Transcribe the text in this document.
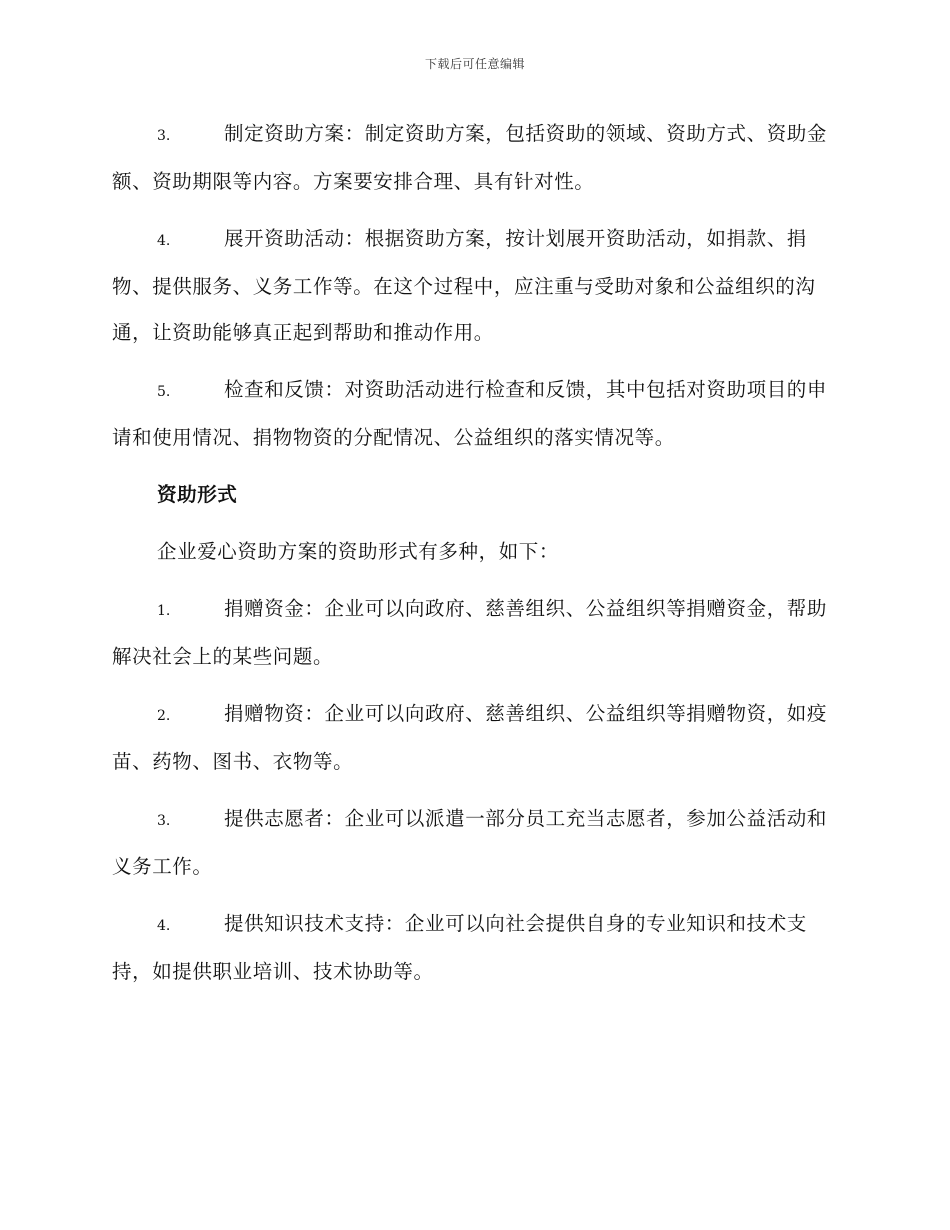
下载后可任意编辑

3.	制定资助方案：制定资助方案，包括资助的领域、资助方式、资助金额、资助期限等内容。方案要安排合理、具有针对性。

4.	展开资助活动：根据资助方案，按计划展开资助活动，如捐款、捐物、提供服务、义务工作等。在这个过程中，应注重与受助对象和公益组织的沟通，让资助能够真正起到帮助和推动作用。

5.	检查和反馈：对资助活动进行检查和反馈，其中包括对资助项目的申请和使用情况、捐物物资的分配情况、公益组织的落实情况等。

资助形式

企业爱心资助方案的资助形式有多种，如下：

1.	捐赠资金：企业可以向政府、慈善组织、公益组织等捐赠资金，帮助解决社会上的某些问题。

2.	捐赠物资：企业可以向政府、慈善组织、公益组织等捐赠物资，如疫苗、药物、图书、衣物等。

3.	提供志愿者：企业可以派遣一部分员工充当志愿者，参加公益活动和义务工作。

4.	提供知识技术支持：企业可以向社会提供自身的专业知识和技术支持，如提供职业培训、技术协助等。
